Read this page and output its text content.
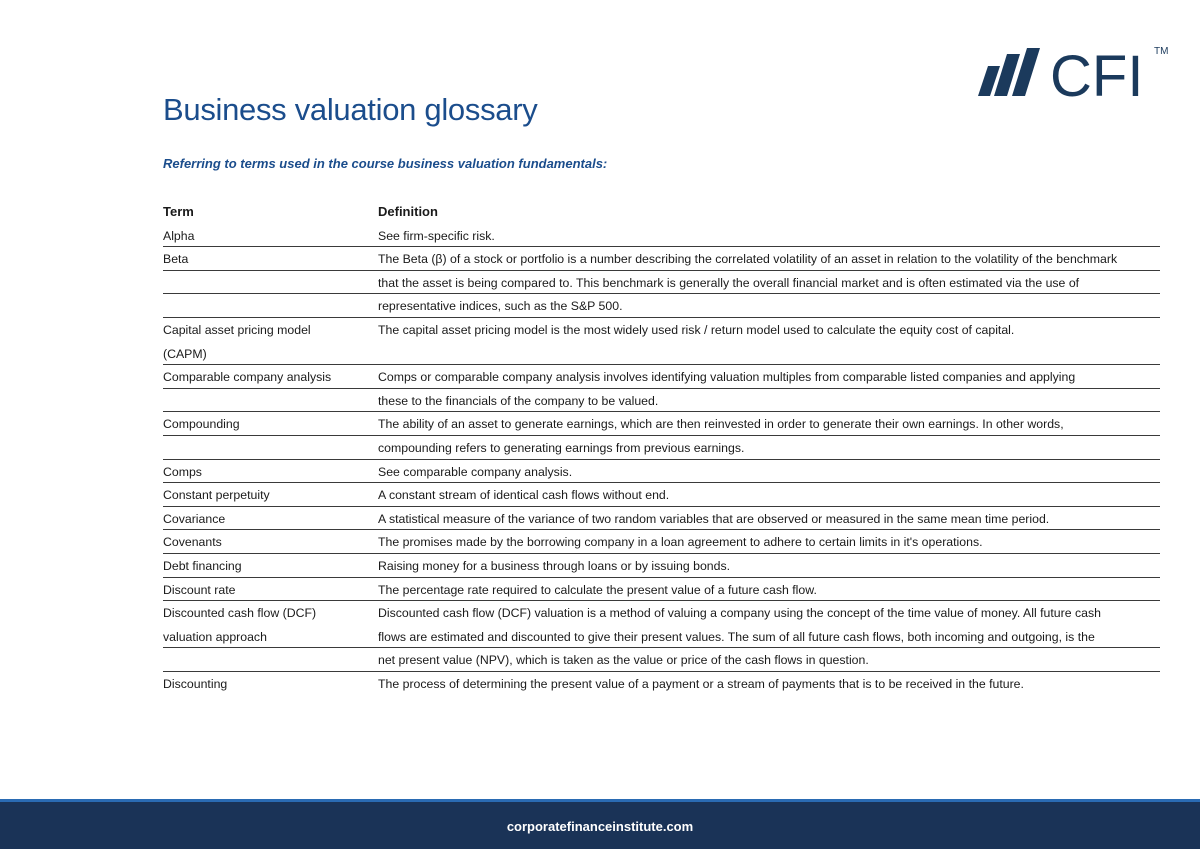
CFI TM
Business valuation glossary
Referring to terms used in the course business valuation fundamentals:
Term	Definition
Alpha	See firm-specific risk.
Beta	The Beta (β) of a stock or portfolio is a number describing the correlated volatility of an asset in relation to the volatility of the benchmark
that the asset is being compared to. This benchmark is generally the overall financial market and is often estimated via the use of
representative indices, such as the S&P 500.
Capital asset pricing model	The capital asset pricing model is the most widely used risk / return model used to calculate the equity cost of capital.
(CAPM)
Comparable company analysis	Comps or comparable company analysis involves identifying valuation multiples from comparable listed companies and applying
these to the financials of the company to be valued.
Compounding	The ability of an asset to generate earnings, which are then reinvested in order to generate their own earnings. In other words,
compounding refers to generating earnings from previous earnings.
Comps	See comparable company analysis.
Constant perpetuity	A constant stream of identical cash flows without end.
Covariance	A statistical measure of the variance of two random variables that are observed or measured in the same mean time period.
Covenants	The promises made by the borrowing company in a loan agreement to adhere to certain limits in it's operations.
Debt financing	Raising money for a business through loans or by issuing bonds.
Discount rate	The percentage rate required to calculate the present value of a future cash flow.
Discounted cash flow (DCF)	Discounted cash flow (DCF) valuation is a method of valuing a company using the concept of the time value of money. All future cash
valuation approach	flows are estimated and discounted to give their present values. The sum of all future cash flows, both incoming and outgoing, is the
net present value (NPV), which is taken as the value or price of the cash flows in question.
Discounting	The process of determining the present value of a payment or a stream of payments that is to be received in the future.
corporatefinanceinstitute.com
